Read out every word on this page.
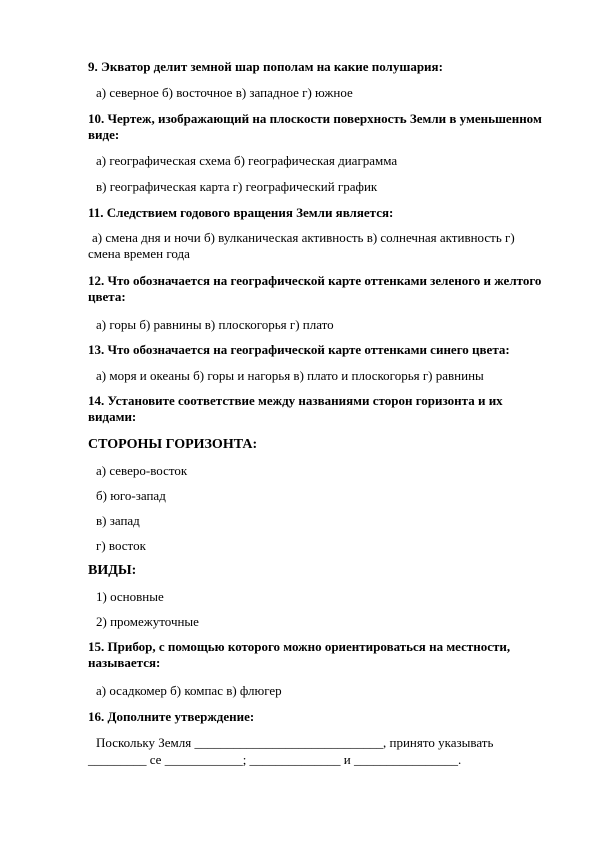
9. Экватор делит земной шар пополам на какие полушария:
а) северное б) восточное в) западное г) южное
10. Чертеж, изображающий на плоскости поверхность Земли в уменьшенном виде:
а) географическая схема б) географическая диаграмма
в) географическая карта г) географический график
11. Следствием годового вращения Земли является:
а) смена дня и ночи б) вулканическая активность в) солнечная активность г) смена времен года
12. Что обозначается на географической карте оттенками зеленого и желтого цвета:
а) горы б) равнины в) плоскогорья г) плато
13. Что обозначается на географической карте оттенками синего цвета:
а) моря и океаны б) горы и нагорья в) плато и плоскогорья г) равнины
14. Установите соответствие между названиями сторон горизонта и их видами:
СТОРОНЫ ГОРИЗОНТА:
а) северо-восток
б) юго-запад
в) запад
г) восток
ВИДЫ:
1) основные
2) промежуточные
15. Прибор, с помощью которого можно ориентироваться на местности, называется:
а) осадкомер б) компас в) флюгер
16. Дополните утверждение:
Поскольку Земля _____________________________, принято указывать
_________ се ____________; ______________ и ________________.
